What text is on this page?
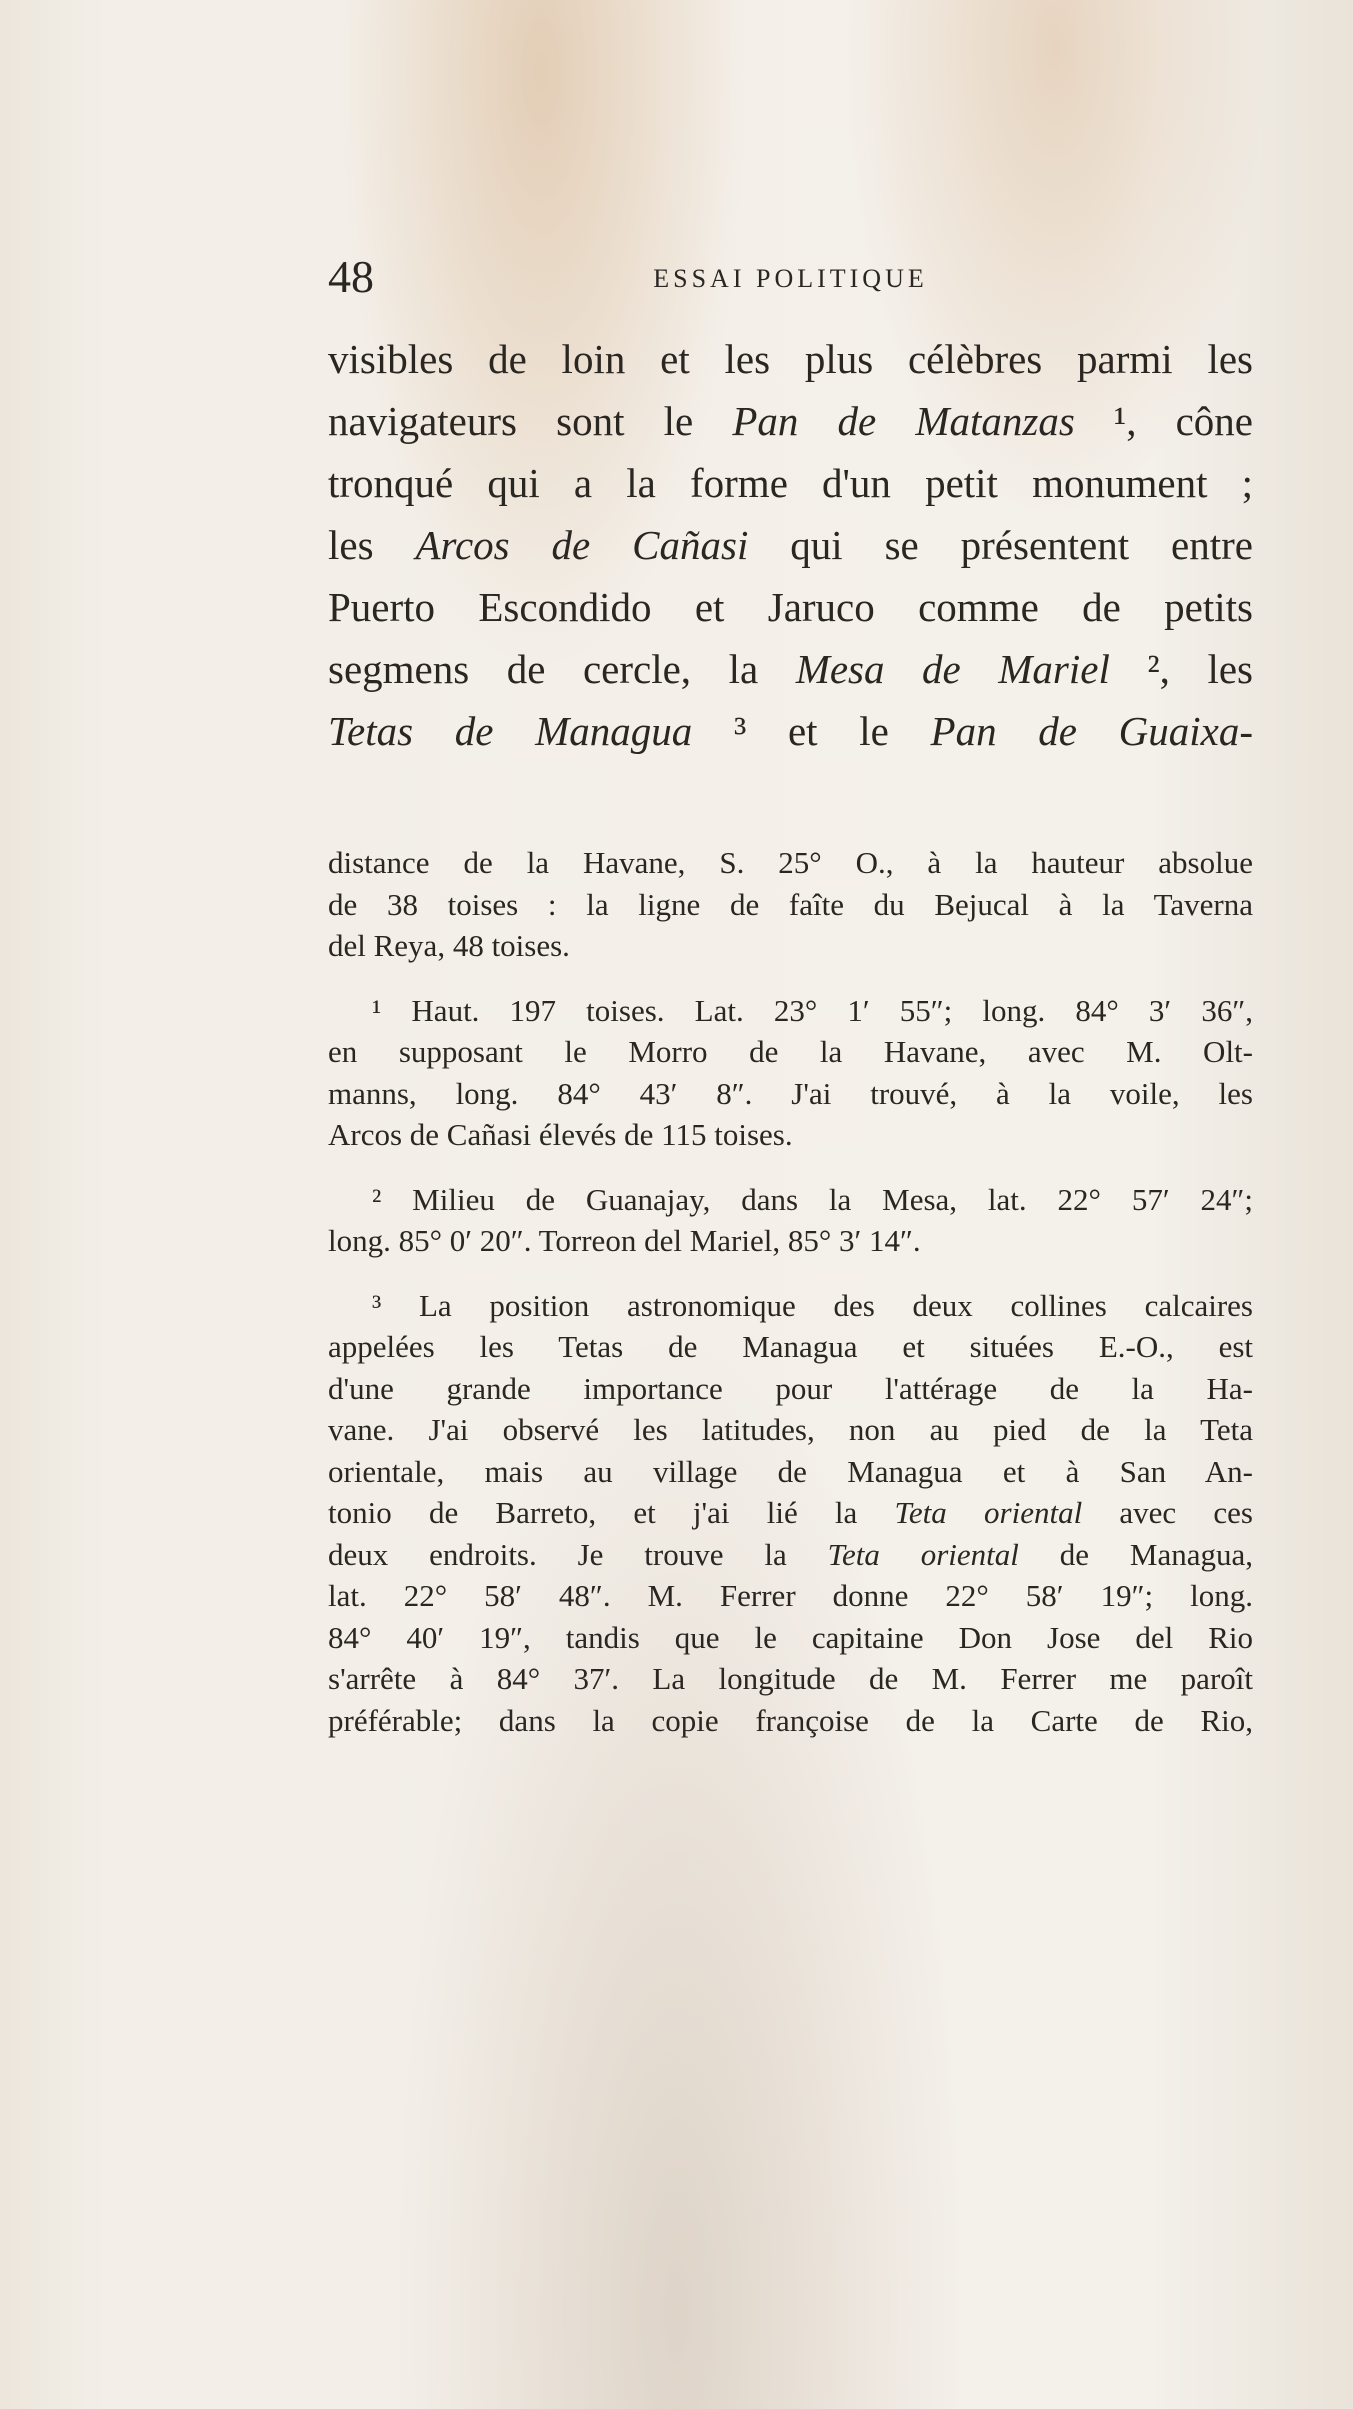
48	ESSAI POLITIQUE
visibles de loin et les plus célèbres parmi les
navigateurs sont le Pan de Matanzas ¹, cône
tronqué qui a la forme d'un petit monument ;
les Arcos de Cañasi qui se présentent entre
Puerto Escondido et Jaruco comme de petits
segmens de cercle, la Mesa de Mariel ², les
Tetas de Managua ³ et le Pan de Guaixa-
distance de la Havane, S. 25° O., à la hauteur absolue
de 38 toises : la ligne de faîte du Bejucal à la Taverna
del Reya, 48 toises.
¹ Haut. 197 toises. Lat. 23° 1′ 55″; long. 84° 3′ 36″,
en supposant le Morro de la Havane, avec M. Olt-
manns, long. 84° 43′ 8″. J'ai trouvé, à la voile, les
Arcos de Cañasi élevés de 115 toises.
² Milieu de Guanajay, dans la Mesa, lat. 22° 57′ 24″;
long. 85° 0′ 20″. Torreon del Mariel, 85° 3′ 14″.
³ La position astronomique des deux collines calcaires
appelées les Tetas de Managua et situées E.-O., est
d'une grande importance pour l'attérage de la Ha-
vane. J'ai observé les latitudes, non au pied de la Teta
orientale, mais au village de Managua et à San An-
tonio de Barreto, et j'ai lié la Teta oriental avec ces
deux endroits. Je trouve la Teta oriental de Managua,
lat. 22° 58′ 48″. M. Ferrer donne 22° 58′ 19″; long.
84° 40′ 19″, tandis que le capitaine Don Jose del Rio
s'arrête à 84° 37′. La longitude de M. Ferrer me paroît
préférable; dans la copie françoise de la Carte de Rio,
